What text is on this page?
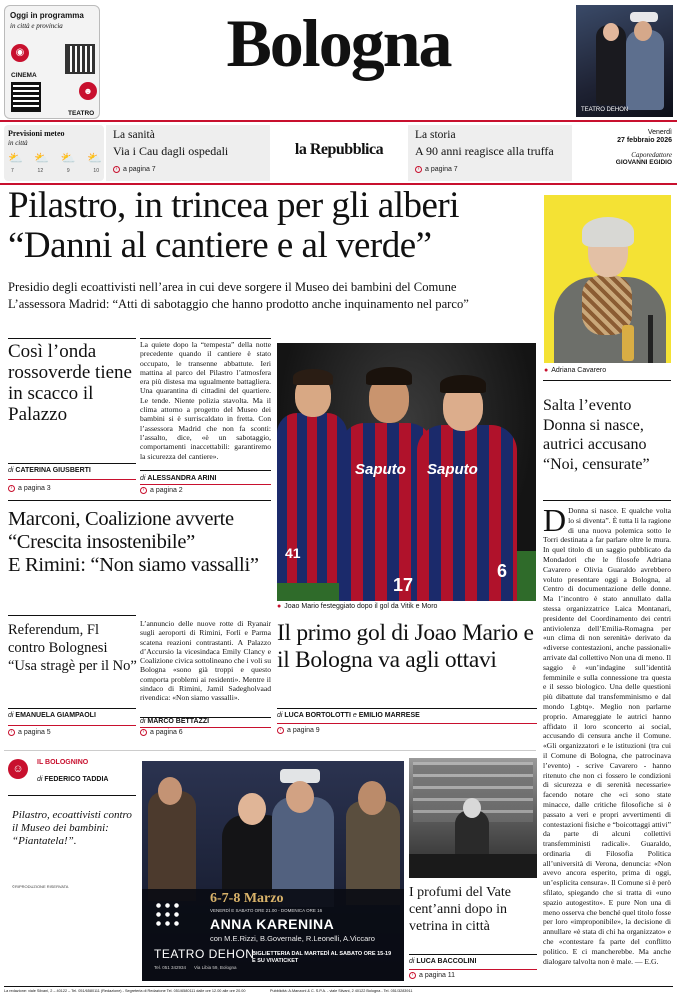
Oggi in programma
in città e provincia
◉
CINEMA
☻
TEATRO
Bologna
TEATRO DEHON
Previsioni meteo
in città
⛅ ⛅ ⛅ ⛅
7	12	9	10
La sanità
Via i Cau dagli ospedali
› a pagina 7
la Repubblica
La storia
A 90 anni reagisce alla truffa
› a pagina 7
Venerdì
27 febbraio 2026
Caporedattore
GIOVANNI EGIDIO
Pilastro, in trincea per gli alberi
“Danni al cantiere e al verde”
Presidio degli ecoattivisti nell’area in cui deve sorgere il Museo dei bambini del Comune
L’assessora Madrid: “Atti di sabotaggio che hanno prodotto anche inquinamento nel parco”
● Adriana Cavarero
Così l’onda rossoverde tiene in scacco il Palazzo
di CATERINA GIUSBERTI
› a pagina 3
La quiete dopo la “tempesta” della notte precedente quando il cantiere è stato occupato, le transenne abbattute. Ieri mattina al parco del Pilastro l’atmosfera era più distesa ma ugualmente battagliera. Una quarantina di cittadini del quartiere. Le tende. Niente polizia stavolta. Ma il clima attorno a progetto del Museo dei bambini si è surriscaldato in fretta. Con l’assessora Madrid che non fa sconti: l’assalto, dice, «è un sabotaggio, comportamenti inaccettabili: garantiremo la sicurezza del cantiere».
di ALESSANDRA ARINI
› a pagina 2
41
Saputo
17
Saputo
6
● Joao Mario festeggiato dopo il gol da Vitik e Moro
Il primo gol di Joao Mario e il Bologna va agli ottavi
di LUCA BORTOLOTTI e EMILIO MARRESE
› a pagina 9
Marconi, Coalizione avverte
“Crescita insostenibile”
E Rimini: “Non siamo vassalli”
Referendum, Fl contro Bolognesi
“Usa stragè per il No”
di EMANUELA GIAMPAOLI
› a pagina 5
L’annuncio delle nuove rotte di Ryanair sugli aeroporti di Rimini, Forlì e Parma scatena reazioni contrastanti. A Palazzo d’Accursio la vicesindaca Emily Clancy e Coalizione civica sottolineano che i voli su Bologna «sono già troppi e questo comporta problemi ai residenti». Mentre il sindaco di Rimini, Jamil Sadegholvaad rivendica: «Non siamo vassalli».
di MARCO BETTAZZI
› a pagina 6
Salta l’evento Donna si nasce, autrici accusano “Noi, censurate”
D Donna si nasce. E qualche volta lo si diventa”. È tutta lì la ragione di una nuova polemica sotto le Torri destinata a far parlare oltre le mura. In quel titolo di un saggio pubblicato da Mondadori che le filosofe Adriana Cavarero e Olivia Guaraldo avrebbero voluto presentare oggi a Bologna, al Centro di documentazione delle donne. Ma l’incontro è stato annullato dalla stessa organizzatrice Laica Montanari, presidente del Coordinamento dei centri antiviolenza dell’Emilia-Romagna per «un clima di non serenità» derivato da «diverse contestazioni, anche passionali» arrivate dal collettivo Non una di meno. Il saggio è «un’indagine sull’identità femminile e sulla connessione tra questa e il sesso biologico. Una delle questioni più dibattute dal transfemminismo e dal mondo Lgbtq». Meglio non parlarne proprio. Amareggiate le autrici hanno affidato il loro sconcerto ai social, accusando di censura anche il Comune. «Gli organizzatori e le istituzioni (tra cui il Comune di Bologna, che patrocinava l’evento) - scrive Cavarero - hanno ritenuto che non ci fossero le condizioni di sicurezza e di serenità necessarie» facendo notare che «ci sono state minacce, dalle critiche filosofiche si è passato a veri e propri avvertimenti di contestazioni fisiche e “boicottaggi attivi” da parte di alcuni collettivi transfemministi radicali». Guaraldo, ordinaria di Filosofia Politica all’università di Verona, denuncia: «Non avevo ancora esperito, prima di oggi, un’esplicita censura». Il Comune si è però sfilato, spiegando che si tratta di «uno spazio autogestito». E pure Non una di meno osserva che benché quel titolo fosse per loro «improponibile», la decisione di annullare «è stata di chi ha organizzato» e che «contestare fa parte del conflitto politico. E ci mancherebbe. Ma anche dialogare talvolta non è male. — E.G.
☺
IL BOLOGNINO
di FEDERICO TADDIA
Pilastro, ecoattivisti contro il Museo dei bambini: “Piantatela!”.
©RIPRODUZIONE RISERVATA
6-7-8 Marzo
VENERDÌ E SABATO ORE 21.00 - DOMENICA ORE 16
ANNA KARENINA
con M.E.Rizzi, B.Governale, R.Leonelli, A.Viccaro
TEATRO DEHON
Tel. 051 342934 Via Libia 59, Bologna
BIGLIETTERIA DAL MARTEDÌ AL SABATO ORE 15-19 E SU VIVATICKET
I profumi del Vate cent’anni dopo in vetrina in città
di LUCA BACCOLINI
› a pagina 11
La redazione: viale Silvani, 2 – 40122 – Tel. 051/6580111 (Redazione) - Segreteria di Redazione Tel. 051/6580111 dalle ore 12.00 alle ore 20.00	Pubblicità: A.Manzoni & C. S.P.A. - viale Silvani, 2 40122 Bologna - Tel. 051/3283911
